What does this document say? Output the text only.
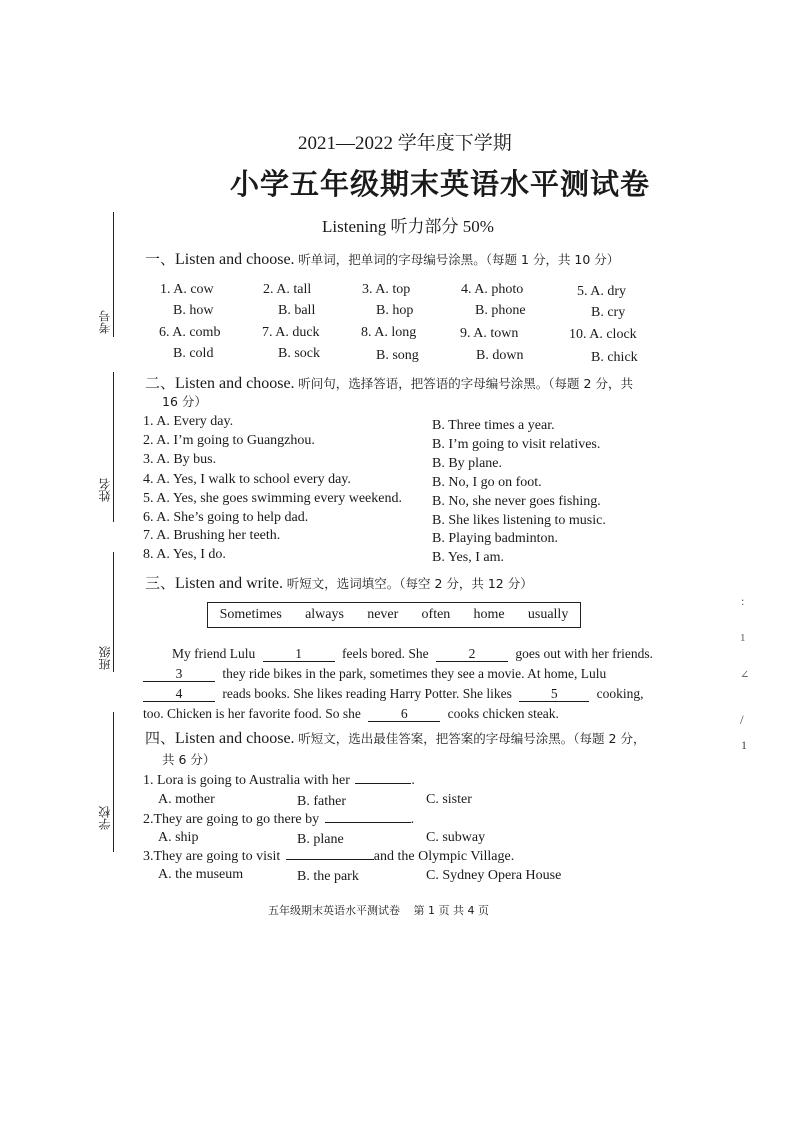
2021—2022 学年度下学期
小学五年级期末英语水平测试卷
Listening 听力部分 50%
考号
姓名
班级
学校
一、Listen and choose. 听单词，把单词的字母编号涂黑。（每题 1 分，共 10 分）
1. A. cow
B. how
2. A. tall
B. ball
3. A. top
B. hop
4. A. photo
B. phone
5. A. dry
B. cry
6. A. comb
B. cold
7. A. duck
B. sock
8. A. long
B. song
9. A. town
B. down
10. A. clock
B. chick
二、Listen and choose. 听问句，选择答语，把答语的字母编号涂黑。（每题 2 分，共
16 分）
1. A. Every day.	B. Three times a year.
2. A. I’m going to Guangzhou.	B. I’m going to visit relatives.
3. A. By bus.	B. By plane.
4. A. Yes, I walk to school every day.	B. No, I go on foot.
5. A. Yes, she goes swimming every weekend. B. No, she never goes fishing.
6. A. She’s going to help dad.	B. She likes listening to music.
7. A. Brushing her teeth.	B. Playing badminton.
8. A. Yes, I do.	B. Yes, I am.
三、Listen and write. 听短文，选词填空。（每空 2 分，共 12 分）
Sometimes always never often home usually
My friend Lulu	1	feels bored. She	2	goes out with her friends.
3	they ride bikes in the park, sometimes they see a movie. At home, Lulu
4	reads books. She likes reading Harry Potter. She likes	5	cooking,
too. Chicken is her favorite food. So she	6	cooks chicken steak.
四、Listen and choose. 听短文，选出最佳答案，把答案的字母编号涂黑。（每题 2 分，
共 6 分）
1. Lora is going to Australia with her	.
A. mother	B. father	C. sister
2.They are going to go there by	.
A. ship	B. plane	C. subway
3.They are going to visit	and the Olympic Village.
A. the museum	B. the park	C. Sydney Opera House
五年级期末英语水平测试卷 第 1 页 共 4 页
:
1
∠
/
1
